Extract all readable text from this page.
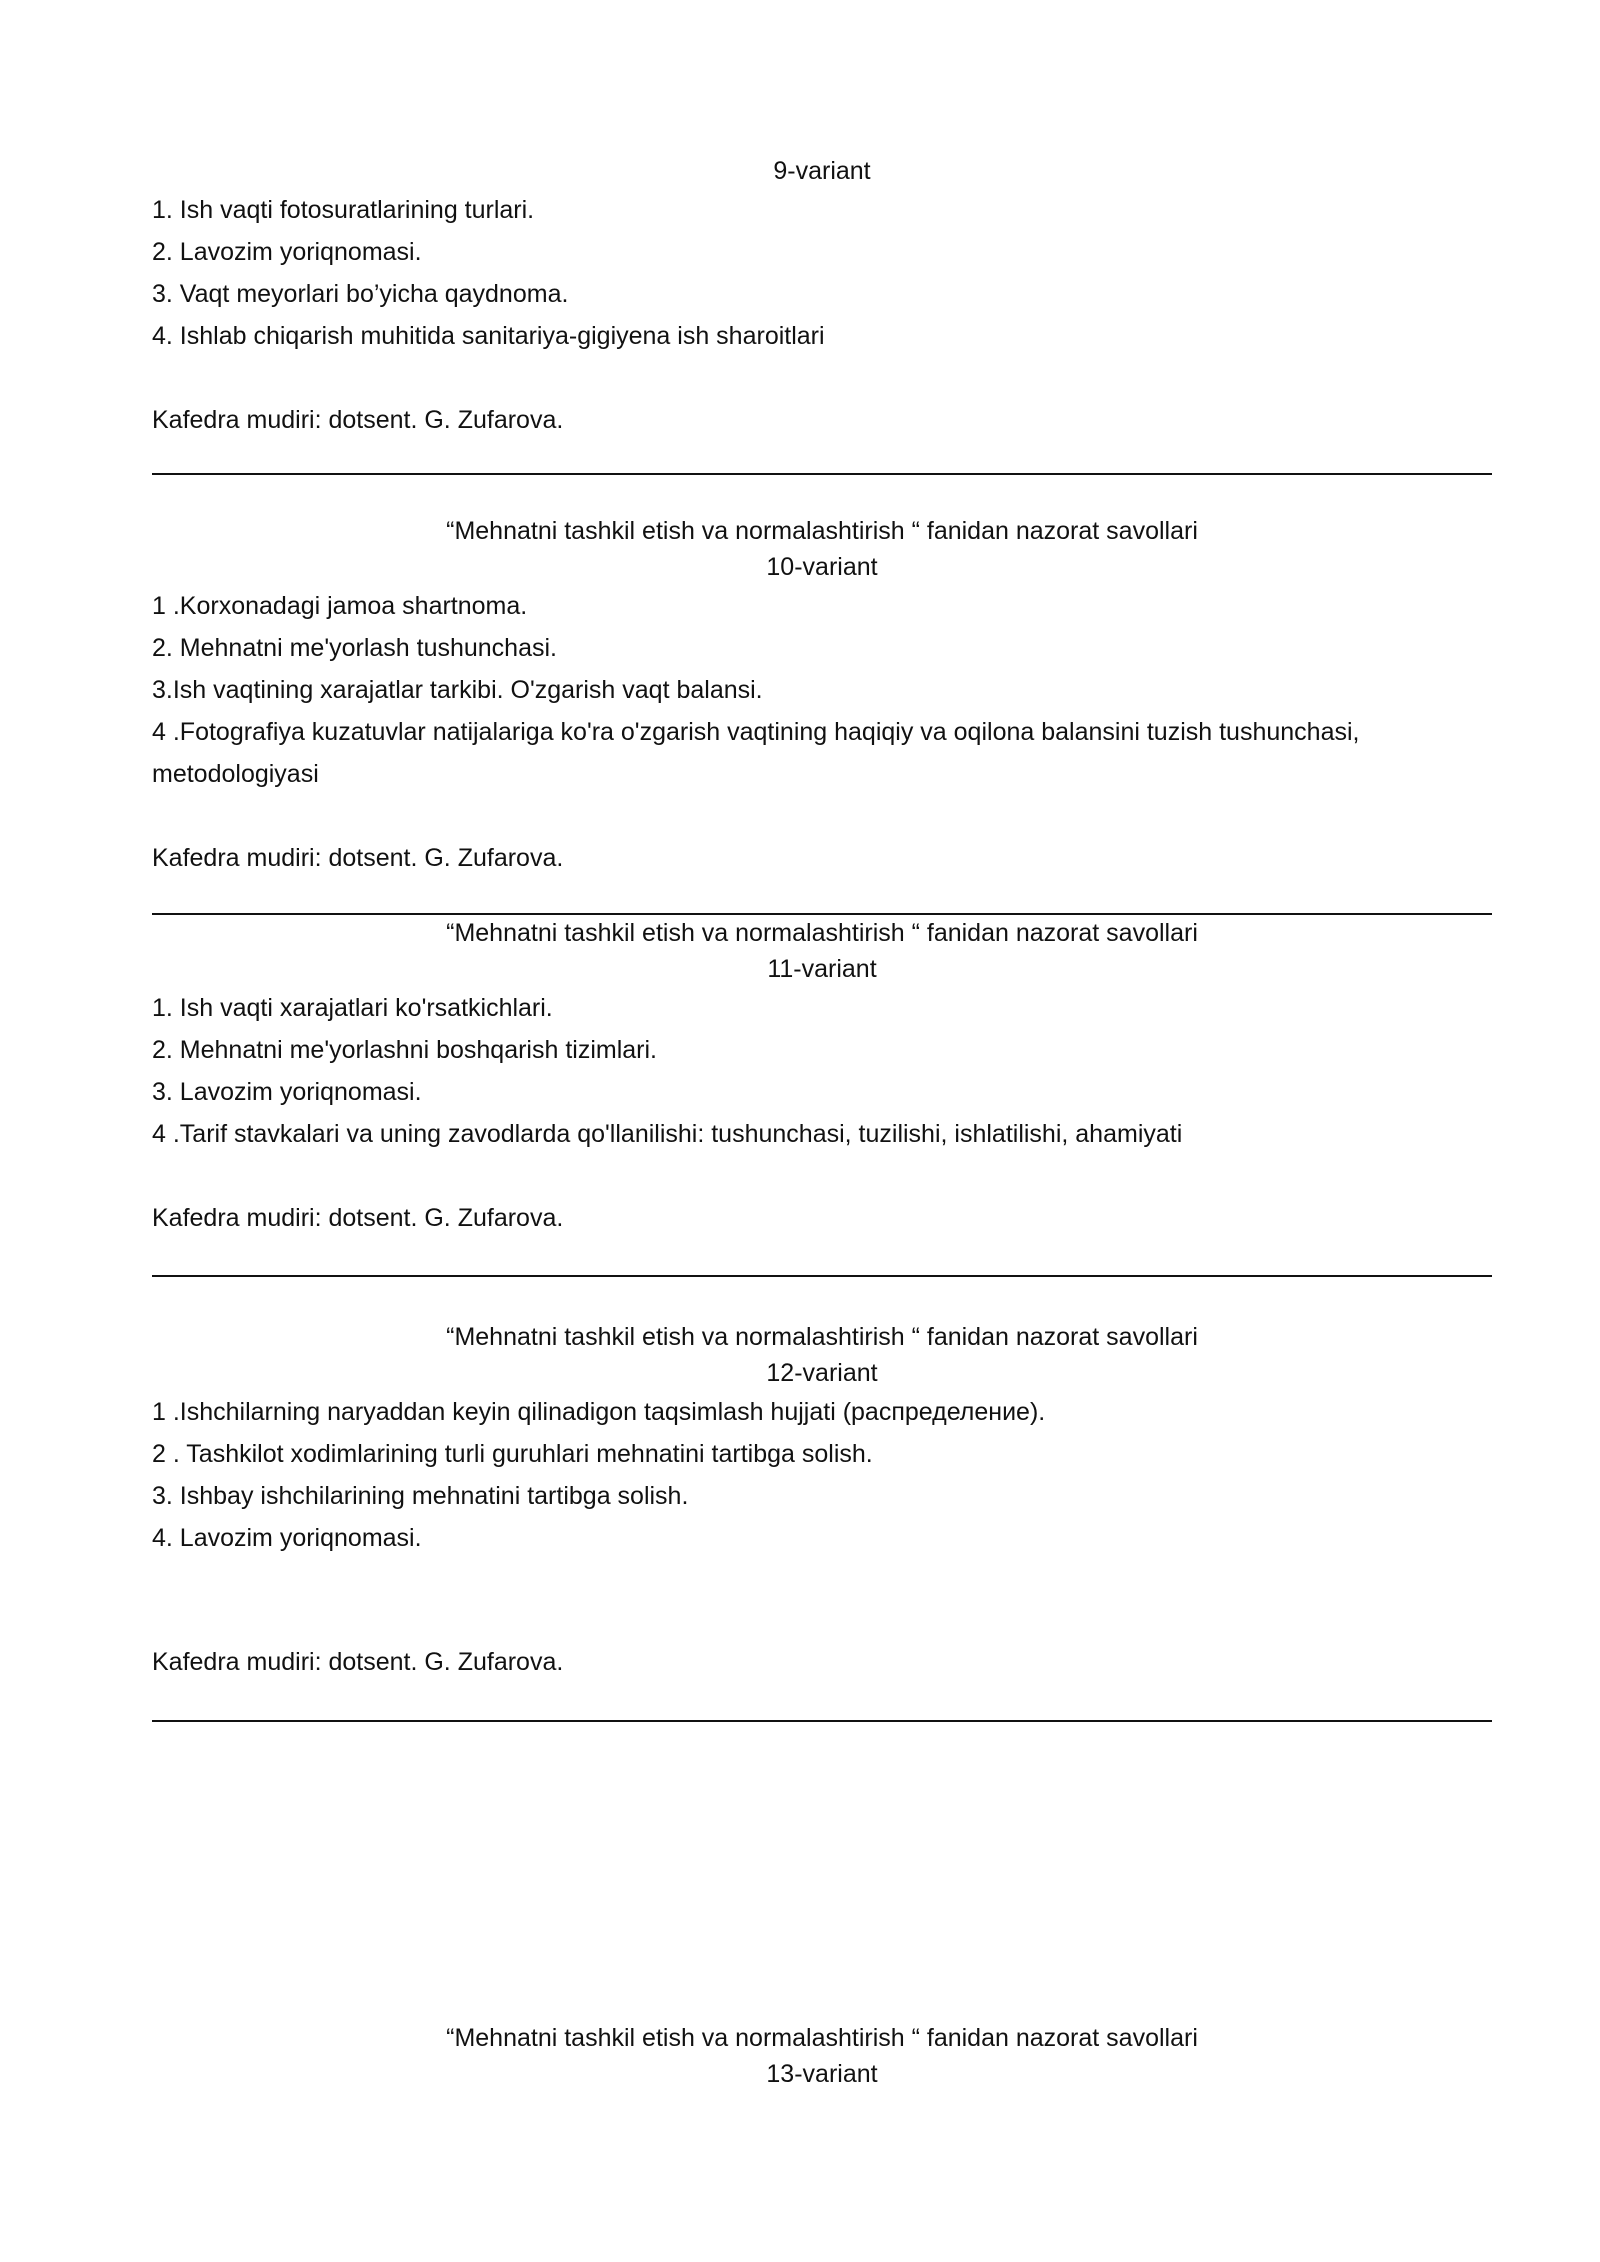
9-variant

1. Ish vaqti fotosuratlarining turlari.

2. Lavozim yoriqnomasi.

3. Vaqt meyorlari bo’yicha qaydnoma.

4. Ishlab chiqarish muhitida sanitariya-gigiyena ish sharoitlari

Kafedra mudiri: dotsent. G. Zufarova.

“Mehnatni tashkil etish va normalashtirish “ fanidan nazorat savollari

10-variant

1 .Korxonadagi jamoa shartnoma.

2. Mehnatni me'yorlash tushunchasi.

3.Ish vaqtining xarajatlar tarkibi. O'zgarish vaqt balansi.

4 .Fotografiya kuzatuvlar natijalariga ko'ra o'zgarish vaqtining haqiqiy va oqilona balansini tuzish tushunchasi, metodologiyasi

Kafedra mudiri: dotsent. G. Zufarova.

“Mehnatni tashkil etish va normalashtirish “ fanidan nazorat savollari

11-variant

1. Ish vaqti xarajatlari ko'rsatkichlari.

2. Mehnatni me'yorlashni boshqarish tizimlari.

3. Lavozim yoriqnomasi.

4 .Tarif stavkalari va uning zavodlarda qo'llanilishi: tushunchasi, tuzilishi, ishlatilishi, ahamiyati

Kafedra mudiri: dotsent. G. Zufarova.

“Mehnatni tashkil etish va normalashtirish “ fanidan nazorat savollari

12-variant

1 .Ishchilarning naryaddan keyin qilinadigon taqsimlash hujjati (распределение).

2 . Tashkilot xodimlarining turli guruhlari mehnatini tartibga solish.

3. Ishbay ishchilarining mehnatini tartibga solish.

4. Lavozim yoriqnomasi.

Kafedra mudiri: dotsent. G. Zufarova.

“Mehnatni tashkil etish va normalashtirish “ fanidan nazorat savollari

13-variant
